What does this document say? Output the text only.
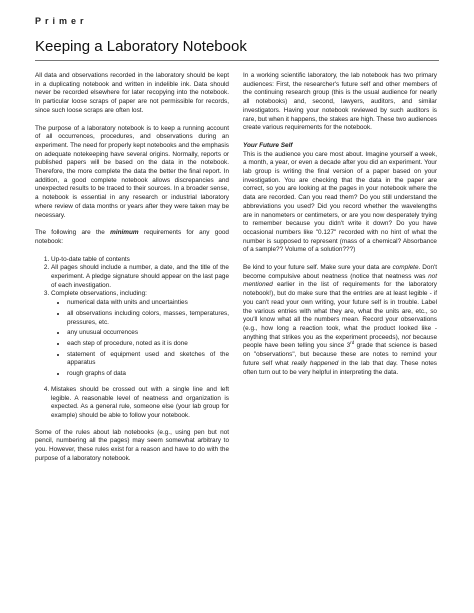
Primer
Keeping a Laboratory Notebook

All data and observations recorded in the laboratory should be kept in a duplicating notebook and written in indelible ink. Data should never be recorded elsewhere for later recopying into the notebook. In particular loose scraps of paper are not permissible for records, since such loose scraps are often lost.

The purpose of a laboratory notebook is to keep a running account of all occurrences, procedures, and observations during an experiment. The need for properly kept notebooks and the emphasis on adequate notekeeping have several origins. Normally, reports or published papers will be based on the data in the notebook. Therefore, the more complete the data the better the final report. In addition, a good complete notebook allows discrepancies and unexpected results to be traced to their sources. In a broader sense, a notebook is essential in any research or industrial laboratory where review of data months or years after they were taken may be necessary.

The following are the minimum requirements for any good notebook:

1. Up-to-date table of contents
2. All pages should include a number, a date, and the title of the experiment. A pledge signature should appear on the last page of each investigation.
3. Complete observations, including:
• numerical data with units and uncertainties
• all observations including colors, masses, temperatures, pressures, etc.
• any unusual occurrences
• each step of procedure, noted as it is done
• statement of equipment used and sketches of the apparatus
• rough graphs of data
4. Mistakes should be crossed out with a single line and left legible. A reasonable level of neatness and organization is expected. As a general rule, someone else (your lab group for example) should be able to follow your notebook.

Some of the rules about lab notebooks (e.g., using pen but not pencil, numbering all the pages) may seem somewhat arbitrary to you. However, these rules exist for a reason and have to do with the purpose of a laboratory notebook.

In a working scientific laboratory, the lab notebook has two primary audiences: First, the researcher's future self and other members of the continuing research group (this is the usual audience for nearly all notebooks) and, second, lawyers, auditors, and similar investigators. Having your notebook reviewed by such auditors is rare, but when it happens, the stakes are high. These two audiences create various requirements for the notebook.

Your Future Self

This is the audience you care most about. Imagine yourself a week, a month, a year, or even a decade after you did an experiment. Your lab group is writing the final version of a paper based on your investigation. You are checking that the data in the paper are correct, so you are looking at the pages in your notebook where the data are recorded. Can you read them? Do you still understand the abbreviations you used? Did you record whether the wavelengths are in nanometers or centimeters, or are you now desperately trying to remember because you didn't write it down? Do you have occasional numbers like "0.127" recorded with no hint of what the number is supposed to represent (mass of a chemical? Absorbance of a sample?? Volume of a solution???)

Be kind to your future self. Make sure your data are complete. Don't become compulsive about neatness (notice that neatness was not mentioned earlier in the list of requirements for the laboratory notebook!), but do make sure that the entries are at least legible - if you can't read your own writing, your future self is in trouble. Label the various entries with what they are, what the units are, etc., so you'll know what all the numbers mean. Record your observations (e.g., how long a reaction took, what the product looked like - anything that strikes you as the experiment proceeds), not because people have been telling you since 3rd grade that science is based on "observations", but because these are notes to remind your future self what really happened in the lab that day. These notes often turn out to be very helpful in interpreting the data.
